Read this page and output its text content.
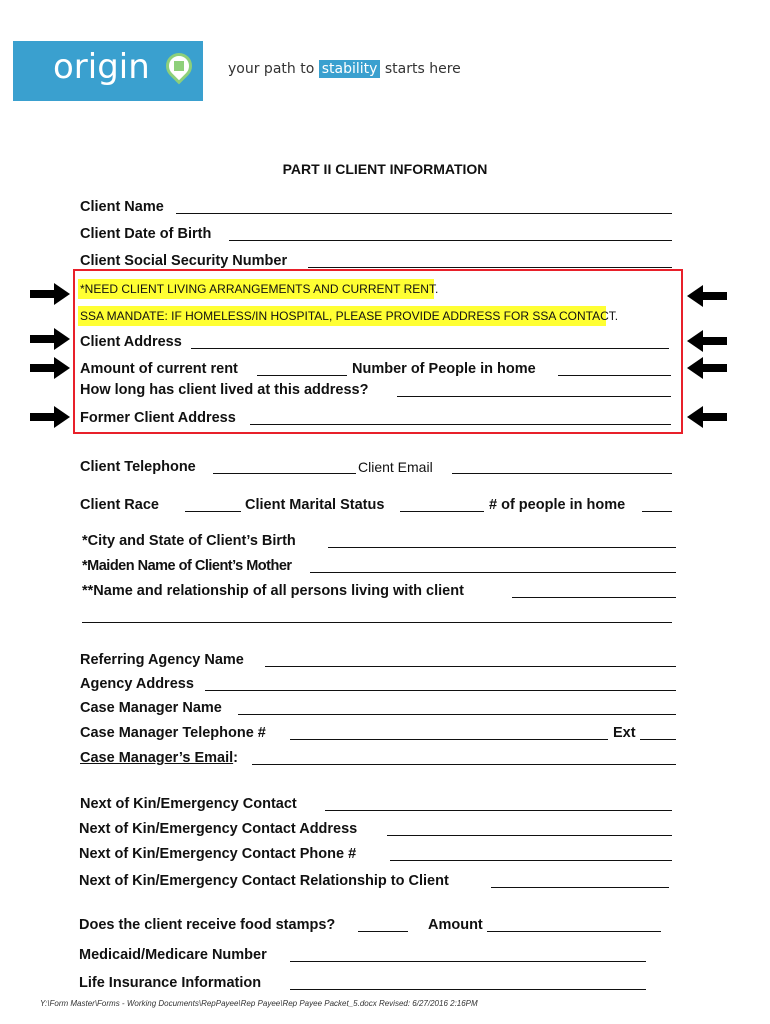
origin	your path to stability starts here
PART II CLIENT INFORMATION
Client Name
Client Date of Birth
Client Social Security Number
*NEED CLIENT LIVING ARRANGEMENTS AND CURRENT RENT.
SSA MANDATE: IF HOMELESS/IN HOSPITAL, PLEASE PROVIDE ADDRESS FOR SSA CONTACT.
Client Address
Amount of current rent	Number of People in home
How long has client lived at this address?
Former Client Address
Client Telephone	Client Email
Client Race	Client Marital Status	# of people in home
*City and State of Client’s Birth
*Maiden Name of Client’s Mother
**Name and relationship of all persons living with client
Referring Agency Name
Agency Address
Case Manager Name
Case Manager Telephone #	Ext
Case Manager’s Email:
Next of Kin/Emergency Contact
Next of Kin/Emergency Contact Address
Next of Kin/Emergency Contact Phone #
Next of Kin/Emergency Contact Relationship to Client
Does the client receive food stamps?	Amount
Medicaid/Medicare Number
Life Insurance Information
Y:\Form Master\Forms - Working Documents\RepPayee\Rep Payee\Rep Payee Packet_5.docx Revised: 6/27/2016 2:16PM
